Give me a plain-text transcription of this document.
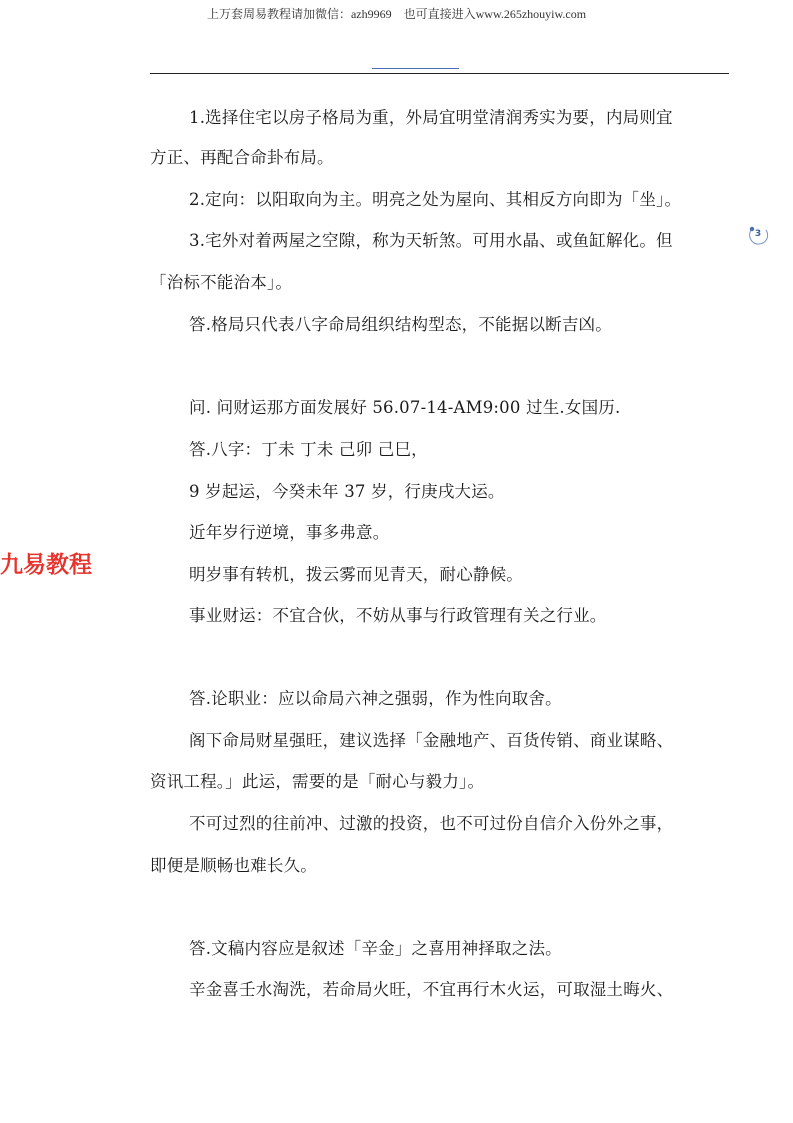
上万套周易教程请加微信：azh9969　也可直接进入www.265zhouyiw.com
3
九易教程
1.选择住宅以房子格局为重，外局宜明堂清润秀实为要，内局则宜
方正、再配合命卦布局。
2.定向：以阳取向为主。明亮之处为屋向、其相反方向即为「坐」。
3.宅外对着两屋之空隙，称为天斩煞。可用水晶、或鱼缸解化。但
「治标不能治本」。
答.格局只代表八字命局组织结构型态，不能据以断吉凶。
问. 问财运那方面发展好 56.07-14-AM9:00 过生.女国历.
答.八字：丁未 丁未 己卯 己巳，
9 岁起运，今癸未年 37 岁，行庚戌大运。
近年岁行逆境，事多弗意。
明岁事有转机，拨云雾而见青天，耐心静候。
事业财运：不宜合伙，不妨从事与行政管理有关之行业。
答.论职业：应以命局六神之强弱，作为性向取舍。
阁下命局财星强旺，建议选择「金融地产、百货传销、商业谋略、
资讯工程。」此运，需要的是「耐心与毅力」。
不可过烈的往前冲、过激的投资，也不可过份自信介入份外之事，
即便是顺畅也难长久。
答.文稿内容应是叙述「辛金」之喜用神择取之法。
辛金喜壬水淘洗，若命局火旺，不宜再行木火运，可取湿土晦火、
